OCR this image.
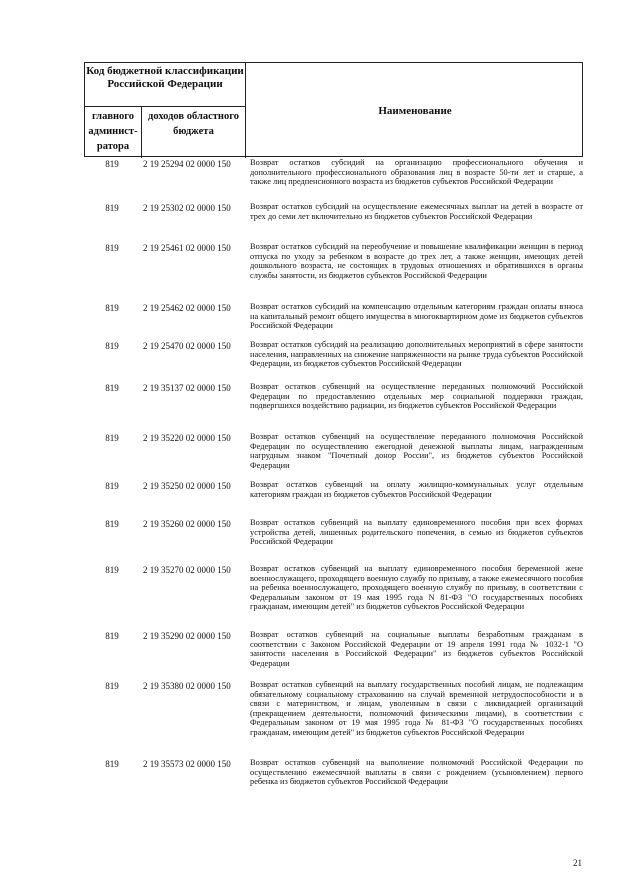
Код бюджетной классификации Российской Федерации
главного админист- ратора
доходов областного бюджета
Наименование
819	2 19 25294 02 0000 150	Возврат остатков субсидий на организацию профессионального обучения и дополнительного профессионального образования лиц в возрасте 50-ти лет и старше, а также лиц предпенсионного возраста из бюджетов субъектов Российской Федерации
819	2 19 25302 02 0000 150	Возврат остатков субсидий на осуществление ежемесячных выплат на детей в возрасте от трех до семи лет включительно из бюджетов субъектов Российской Федерации
819	2 19 25461 02 0000 150	Возврат остатков субсидий на переобучение и повышение квалификации женщин в период отпуска по уходу за ребенком в возрасте до трех лет, а также женщин, имеющих детей дошкольного возраста, не состоящих в трудовых отношениях и обратившихся в органы службы занятости, из бюджетов субъектов Российской Федерации
819	2 19 25462 02 0000 150	Возврат остатков субсидий на компенсацию отдельным категориям граждан оплаты взноса на капитальный ремонт общего имущества в многоквартирном доме из бюджетов субъектов Российской Федерации
819	2 19 25470 02 0000 150	Возврат остатков субсидий на реализацию дополнительных мероприятий в сфере занятости населения, направленных на снижение напряженности на рынке труда субъектов Российской Федерации, из бюджетов субъектов Российской Федерации
819	2 19 35137 02 0000 150	Возврат остатков субвенций на осуществление переданных полномочий Российской Федерации по предоставлению отдельных мер социальной поддержки граждан, подвергшихся воздействию радиации, из бюджетов субъектов Российской Федерации
819	2 19 35220 02 0000 150	Возврат остатков субвенций на осуществление переданного полномочия Российской Федерации по осуществлению ежегодной денежной выплаты лицам, награжденным нагрудным знаком "Почетный донор России", из бюджетов субъектов Российской Федерации
819	2 19 35250 02 0000 150	Возврат остатков субвенций на оплату жилищно-коммунальных услуг отдельным категориям граждан из бюджетов субъектов Российской Федерации
819	2 19 35260 02 0000 150	Возврат остатков субвенций на выплату единовременного пособия при всех формах устройства детей, лишенных родительского попечения, в семью из бюджетов субъектов Российской Федерации
819	2 19 35270 02 0000 150	Возврат остатков субвенций на выплату единовременного пособия беременной жене военнослужащего, проходящего военную службу по призыву, а также ежемесячного пособия на ребенка военнослужащего, проходящего военную службу по призыву, в соответствии с Федеральным законом от 19 мая 1995 года N 81-ФЗ "О государственных пособиях гражданам, имеющим детей" из бюджетов субъектов Российской Федерации
819	2 19 35290 02 0000 150	Возврат остатков субвенций на социальные выплаты безработным гражданам в соответствии с Законом Российской Федерации от 19 апреля 1991 года № 1032-1 "О занятости населения в Российской Федерации" из бюджетов субъектов Российской Федерации
819	2 19 35380 02 0000 150	Возврат остатков субвенций на выплату государственных пособий лицам, не подлежащим обязательному социальному страхованию на случай временной нетрудоспособности и в связи с материнством, и лицам, уволенным в связи с ликвидацией организаций (прекращением деятельности, полномочий физическими лицами), в соответствии с Федеральным законом от 19 мая 1995 года № 81-ФЗ "О государственных пособиях гражданам, имеющим детей" из бюджетов субъектов Российской Федерации
819	2 19 35573 02 0000 150	Возврат остатков субвенций на выполнение полномочий Российской Федерации по осуществлению ежемесячной выплаты в связи с рождением (усыновлением) первого ребенка из бюджетов субъектов Российской Федерации
21
